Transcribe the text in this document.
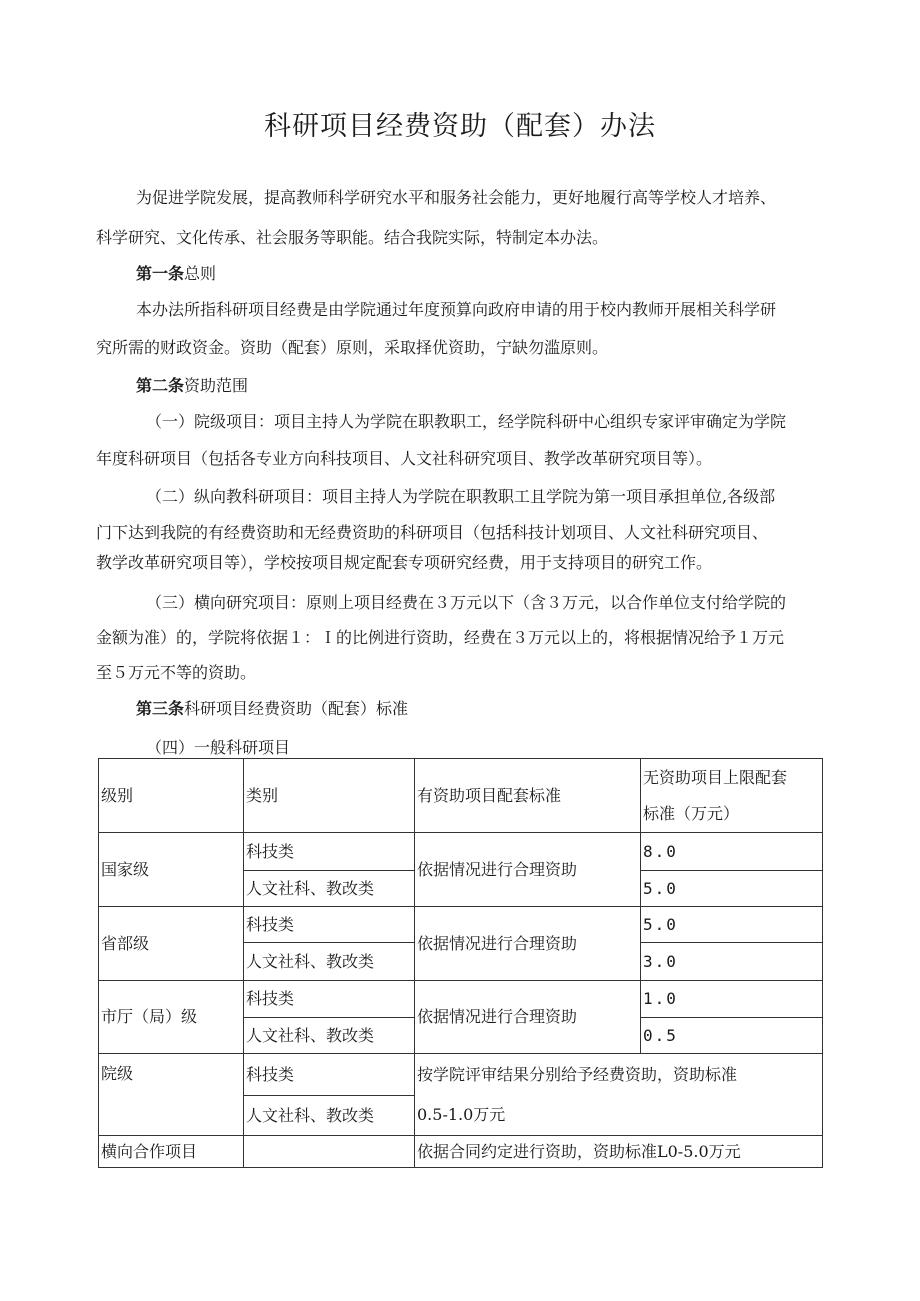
科研项目经费资助（配套）办法
为促进学院发展，提高教师科学研究水平和服务社会能力，更好地履行高等学校人才培养、
科学研究、文化传承、社会服务等职能。结合我院实际，特制定本办法。
第一条总则
本办法所指科研项目经费是由学院通过年度预算向政府申请的用于校内教师开展相关科学研
究所需的财政资金。资助（配套）原则，采取择优资助，宁缺勿滥原则。
第二条资助范围
（一）院级项目：项目主持人为学院在职教职工，经学院科研中心组织专家评审确定为学院
年度科研项目（包括各专业方向科技项目、人文社科研究项目、教学改革研究项目等）。
（二）纵向教科研项目：项目主持人为学院在职教职工且学院为第一项目承担单位,各级部
门下达到我院的有经费资助和无经费资助的科研项目（包括科技计划项目、人文社科研究项目、
教学改革研究项目等），学校按项目规定配套专项研究经费，用于支持项目的研究工作。
（三）横向研究项目：原则上项目经费在３万元以下（含３万元，以合作单位支付给学院的
金额为准）的，学院将依据１：Ｉ的比例进行资助，经费在３万元以上的，将根据情况给予１万元
至５万元不等的资助。
第三条科研项目经费资助（配套）标准
（四）一般科研项目
级别	类别	有资助项目配套标准	无资助项目上限配套
标准（万元）

国家级	科技类	依据情况进行合理资助	8.0
	人文社科、教改类		5.0
省部级	科技类	依据情况进行合理资助	5.0
	人文社科、教改类		3.0
市厅（局）级	科技类	依据情况进行合理资助	1.0
	人文社科、教改类		0.5
院级	科技类	按学院评审结果分别给予经费资助，资助标准
0.5-1.0万元	

	人文社科、教改类		
横向合作项目		依据合同约定进行资助，资助标准L0-5.0万元	
